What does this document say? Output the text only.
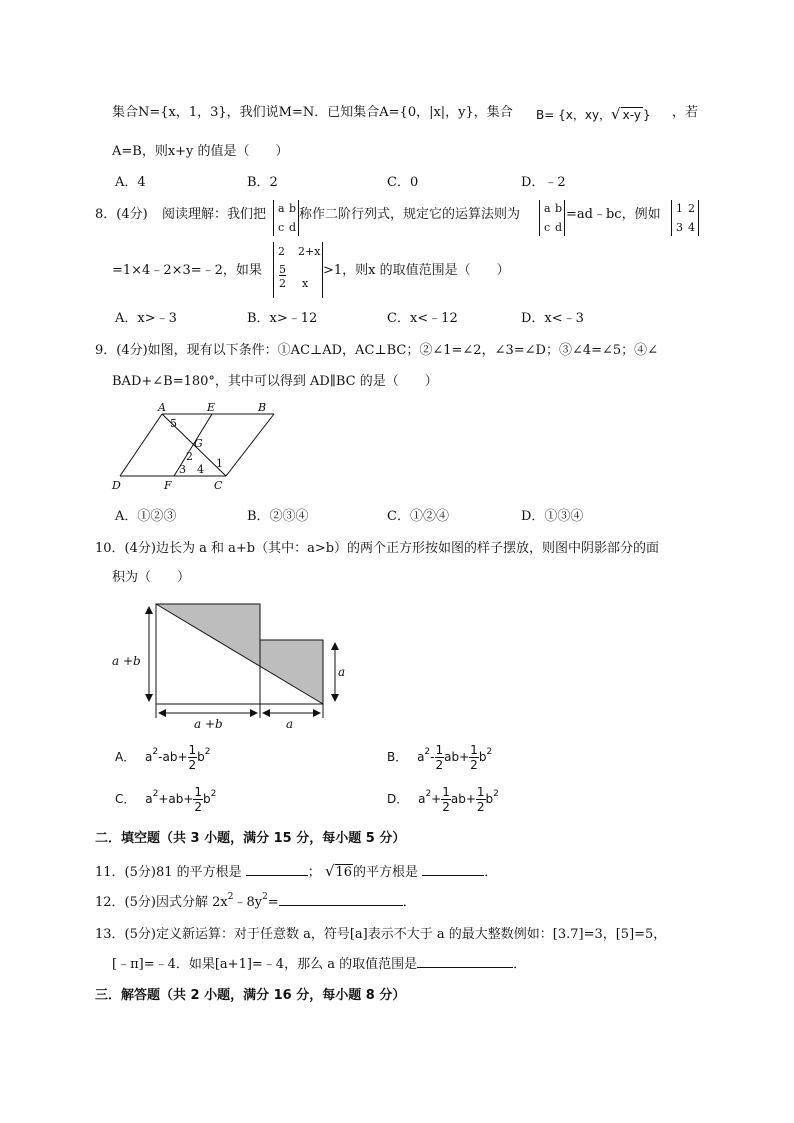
集合N={x，1，3}，我们说M=N．已知集合A={0，|x|，y}，集合 B= {x，xy，√ x-y } ，若
A=B，则x+y 的值是（　　）
A．4	B．2	C．0	D．﹣2
8．(4分) 阅读理解：我们把 a b
c d
称作二阶行列式，规定它的运算法则为 a b
c d
=ad﹣bc，例如 1 2
3 4
=1×4﹣2×3=﹣2，如果
2 2+x
5
2 x
>1，则x 的取值范围是（　　）
A．x>﹣3	B．x>﹣12	C．x<﹣12	D．x<﹣3
9．(4分)如图，现有以下条件：①AC⊥AD，AC⊥BC；②∠1=∠2，∠3=∠D；③∠4=∠5；④∠
BAD+∠B=180°，其中可以得到 AD∥BC 的是（　　）
A	E	B
5
G
2
3 4 1
D	F	C
A．①②③	B．②③④	C．①②④	D．①③④
10．(4分)边长为 a 和 a+b（其中：a>b）的两个正方形按如图的样子摆放，则图中阴影部分的面
积为（　　）
a +b
a
a +b	a
A． $a^2-ab+ \frac{1}{2} b^2$	B． $a^2- \frac{1}{2} ab+ \frac{1}{2} b^2$
C． $a^2+ab+ \frac{1}{2} b^2$	D． $a^2+ \frac{1}{2} ab+ \frac{1}{2} b^2$
二．填空题（共 3 小题，满分 15 分，每小题 5 分）
11．(5分)81 的平方根是	； √16的平方根是	．
12．(5分)因式分解 $2x^2﹣8y^2=$	．
13．(5分)定义新运算：对于任意数 a，符号[a]表示不大于 a 的最大整数例如：[3.7]=3，[5]=5，
[﹣π]=﹣4．如果[a+1]=﹣4，那么 a 的取值范围是	．
三．解答题（共 2 小题，满分 16 分，每小题 8 分）
